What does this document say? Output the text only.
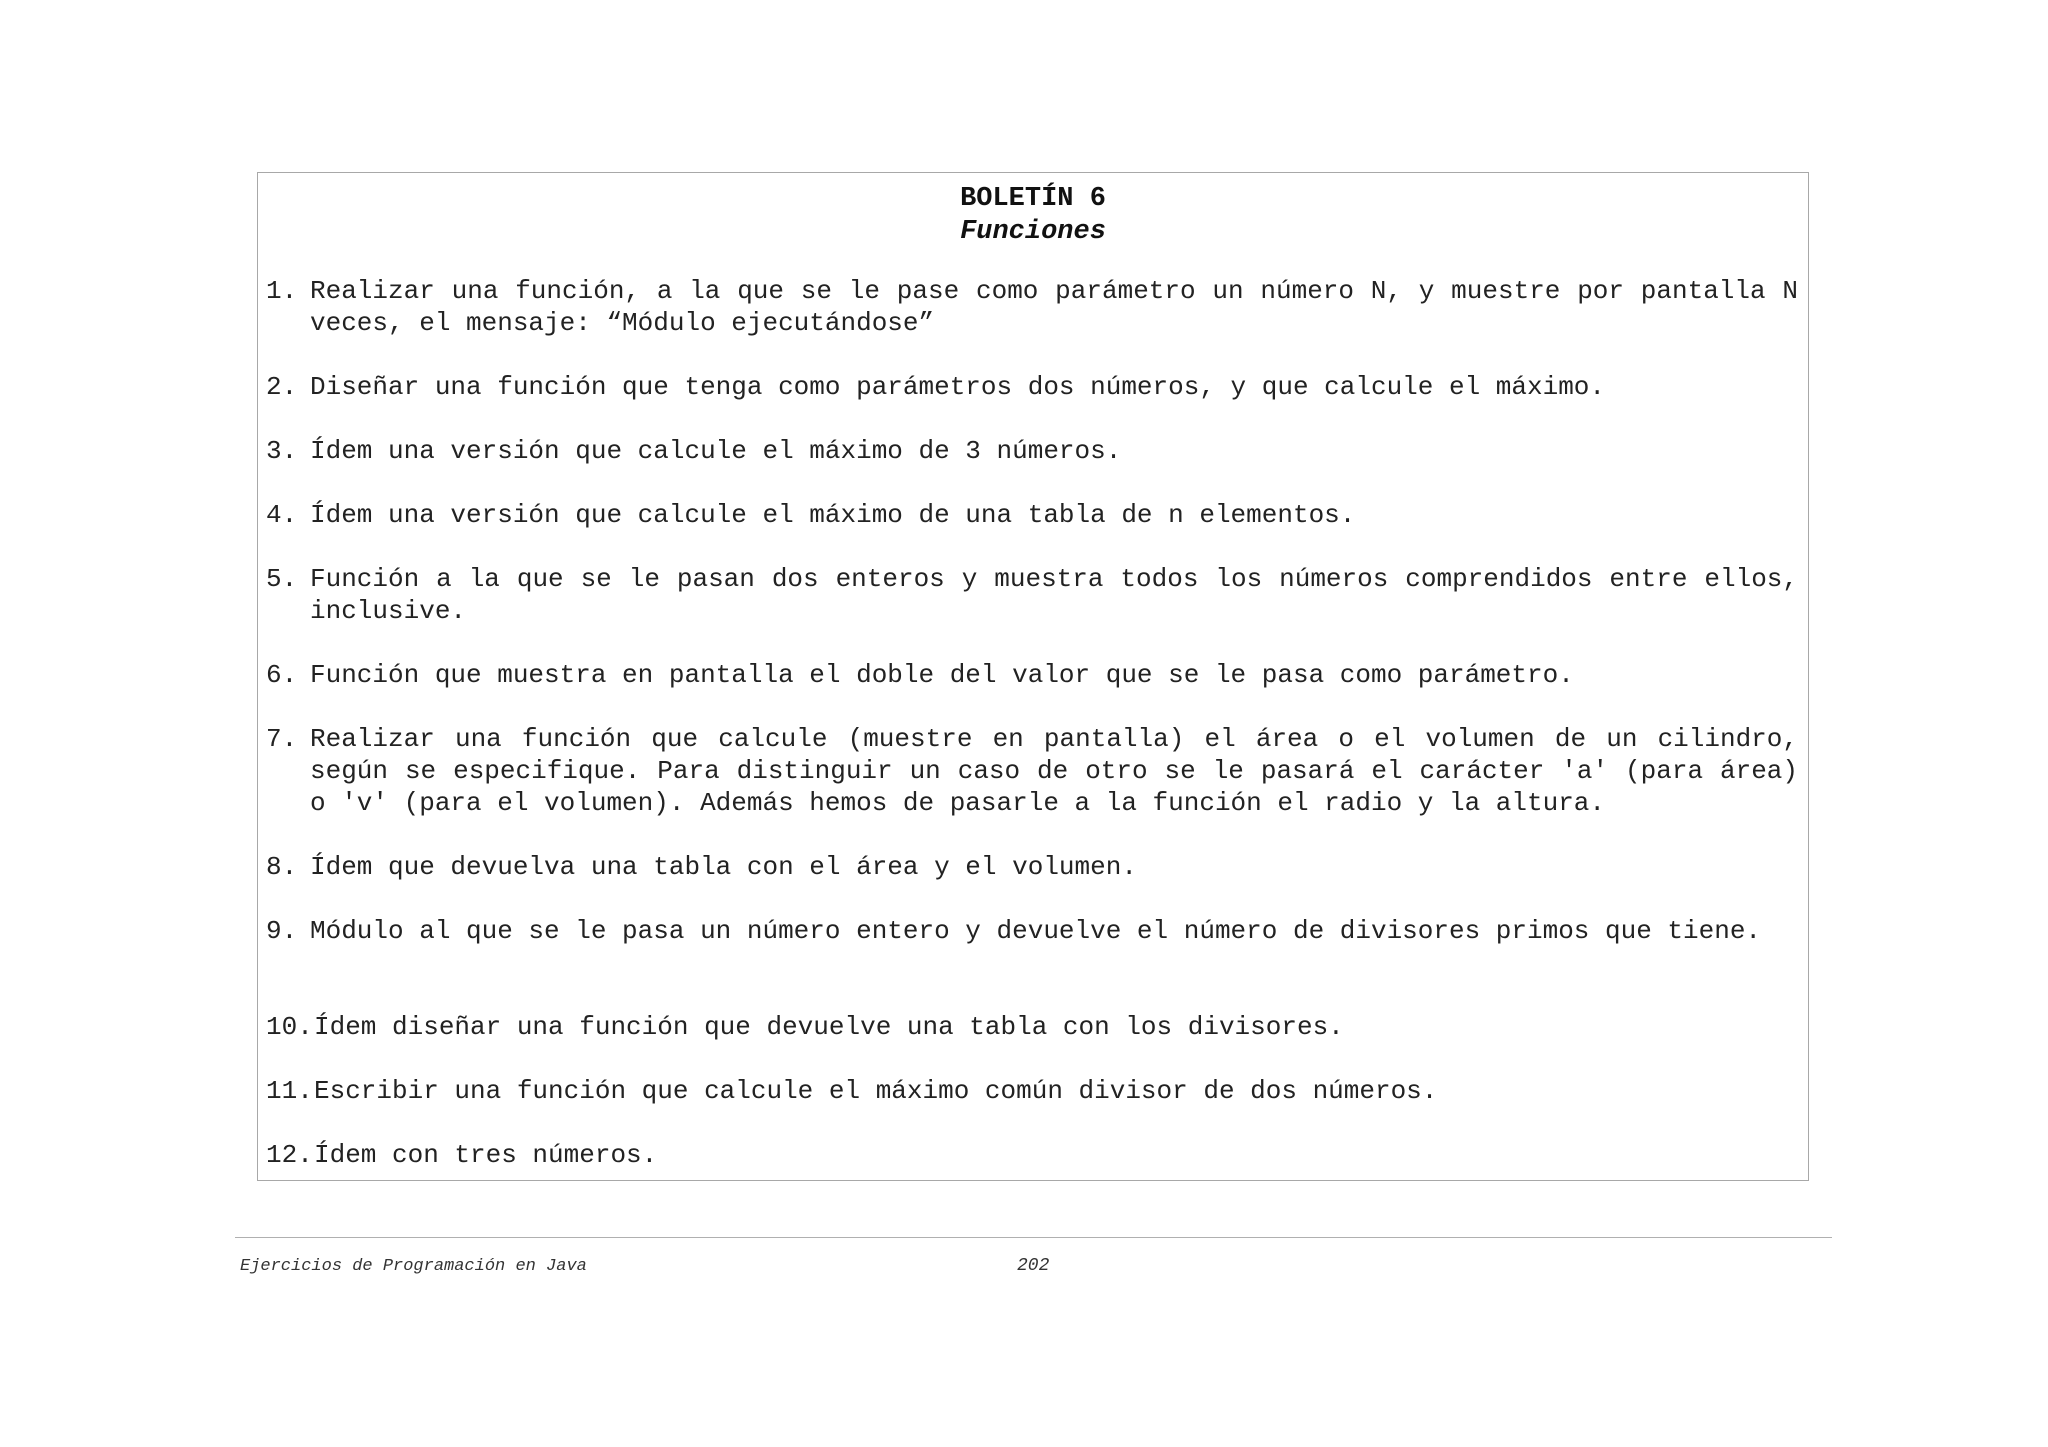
BOLETÍN 6
Funciones
1. Realizar una función, a la que se le pase como parámetro un número N, y muestre por pantalla N veces, el mensaje: “Módulo ejecutándose”
2. Diseñar una función que tenga como parámetros dos números, y que calcule el máximo.
3. Ídem una versión que calcule el máximo de 3 números.
4. Ídem una versión que calcule el máximo de una tabla de n elementos.
5. Función a la que se le pasan dos enteros y muestra todos los números comprendidos entre ellos, inclusive.
6. Función que muestra en pantalla el doble del valor que se le pasa como parámetro.
7. Realizar una función que calcule (muestre en pantalla) el área o el volumen de un cilindro, según se especifique. Para distinguir un caso de otro se le pasará el carácter 'a' (para área) o 'v' (para el volumen). Además hemos de pasarle a la función el radio y la altura.
8. Ídem que devuelva una tabla con el área y el volumen.
9. Módulo al que se le pasa un número entero y devuelve el número de divisores primos que tiene.
10. Ídem diseñar una función que devuelve una tabla con los divisores.
11. Escribir una función que calcule el máximo común divisor de dos números.
12. Ídem con tres números.
Ejercicios de Programación en Java	202
